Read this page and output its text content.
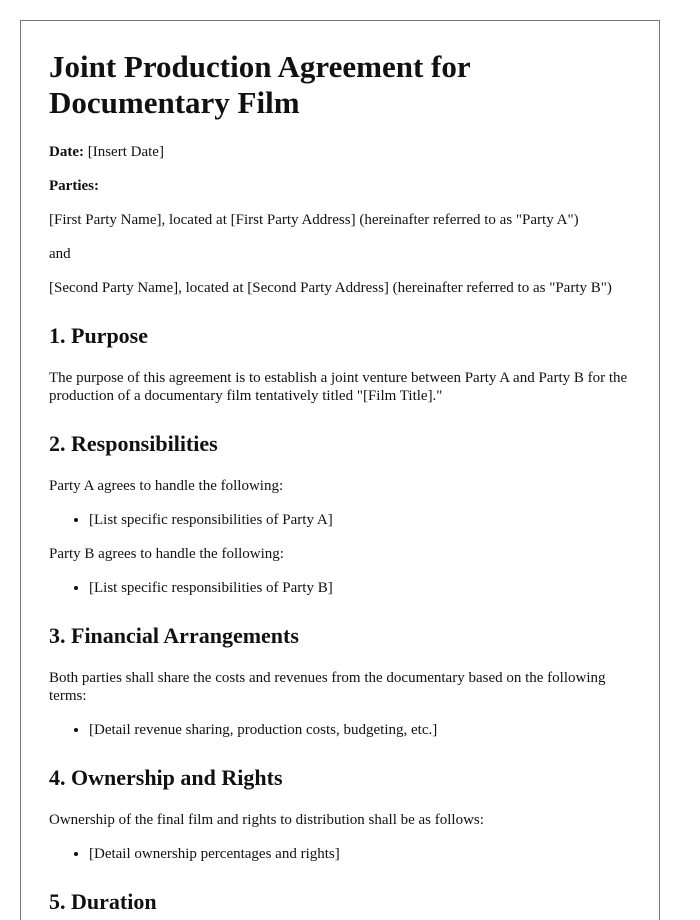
Joint Production Agreement for Documentary Film

Date: [Insert Date]

Parties:

[First Party Name], located at [First Party Address] (hereinafter referred to as "Party A")

and

[Second Party Name], located at [Second Party Address] (hereinafter referred to as "Party B")

1. Purpose

The purpose of this agreement is to establish a joint venture between Party A and Party B for the production of a documentary film tentatively titled "[Film Title]."

2. Responsibilities

Party A agrees to handle the following:

• [List specific responsibilities of Party A]

Party B agrees to handle the following:

• [List specific responsibilities of Party B]
3. Financial Arrangements

Both parties shall share the costs and revenues from the documentary based on the following terms:

• [Detail revenue sharing, production costs, budgeting, etc.]
4. Ownership and Rights

Ownership of the final film and rights to distribution shall be as follows:

• [Detail ownership percentages and rights]
5. Duration
